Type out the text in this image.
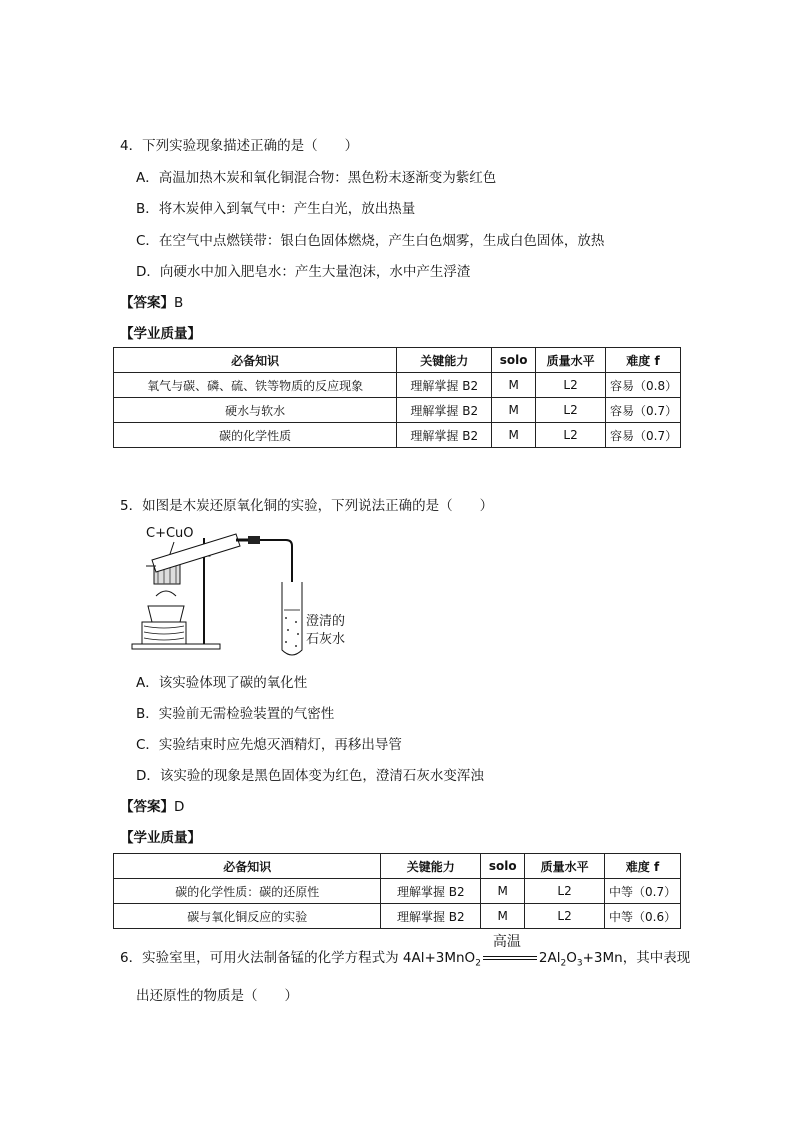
4．下列实验现象描述正确的是（　　）
A．高温加热木炭和氧化铜混合物：黑色粉末逐渐变为紫红色
B．将木炭伸入到氧气中：产生白光，放出热量
C．在空气中点燃镁带：银白色固体燃烧，产生白色烟雾，生成白色固体，放热
D．向硬水中加入肥皂水：产生大量泡沫，水中产生浮渣
【答案】B
【学业质量】
必备知识	关键能力	solo	质量水平	难度 f
氧气与碳、磷、硫、铁等物质的反应现象	理解掌握 B2	M	L2	容易（0.8）
硬水与软水	理解掌握 B2	M	L2	容易（0.7）
碳的化学性质	理解掌握 B2	M	L2	容易（0.7）
5．如图是木炭还原氧化铜的实验，下列说法正确的是（　　）
C+CuO
澄清的
石灰水
A．该实验体现了碳的氧化性
B．实验前无需检验装置的气密性
C．实验结束时应先熄灭酒精灯，再移出导管
D．该实验的现象是黑色固体变为红色，澄清石灰水变浑浊
【答案】D
【学业质量】
必备知识	关键能力	solo	质量水平	难度 f
碳的化学性质：碳的还原性	理解掌握 B2	M	L2	中等（0.7）
碳与氧化铜反应的实验	理解掌握 B2	M	L2	中等（0.6）
6．实验室里，可用火法制备锰的化学方程式为 4Al+3MnO$_2$
高温
$2Al_2O_3+3Mn$，其中表现
出还原性的物质是（　　）
